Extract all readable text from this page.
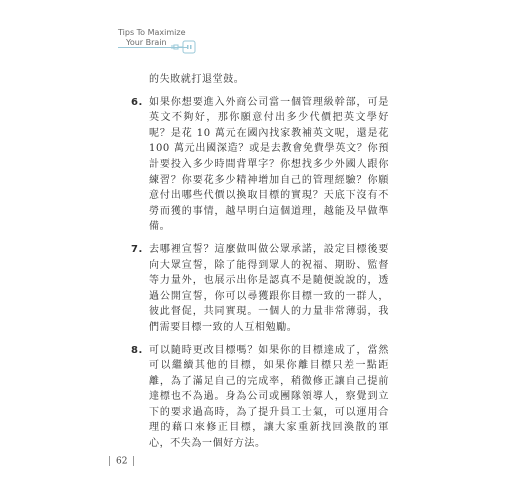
Tips To Maximize
Your Brain
的失敗就打退堂鼓。
6. 如果你想要進入外商公司當一個管理級幹部，可是英文不夠好，那你願意付出多少代價把英文學好呢？是花 10 萬元在國內找家教補英文呢，還是花 100 萬元出國深造？或是去教會免費學英文？你預計要投入多少時間背單字？你想找多少外國人跟你練習？你要花多少精神增加自己的管理經驗？你願意付出哪些代價以換取目標的實現？天底下沒有不勞而獲的事情，越早明白這個道理，越能及早做準備。
7. 去哪裡宣誓？這麼做叫做公眾承諾，設定目標後要向大眾宣誓，除了能得到眾人的祝福、期盼、監督等力量外，也展示出你是認真不是隨便說說的，透過公開宣誓，你可以尋獲跟你目標一致的一群人，彼此督促，共同實現。一個人的力量非常薄弱，我們需要目標一致的人互相勉勵。
8. 可以隨時更改目標嗎？如果你的目標達成了，當然可以繼續其他的目標，如果你離目標只差一點距離，為了滿足自己的完成率，稍微修正讓自己提前達標也不為過。身為公司或團隊領導人，察覺到立下的要求過高時，為了提升員工士氣，可以運用合理的藉口來修正目標，讓大家重新找回渙散的軍心，不失為一個好方法。
62
